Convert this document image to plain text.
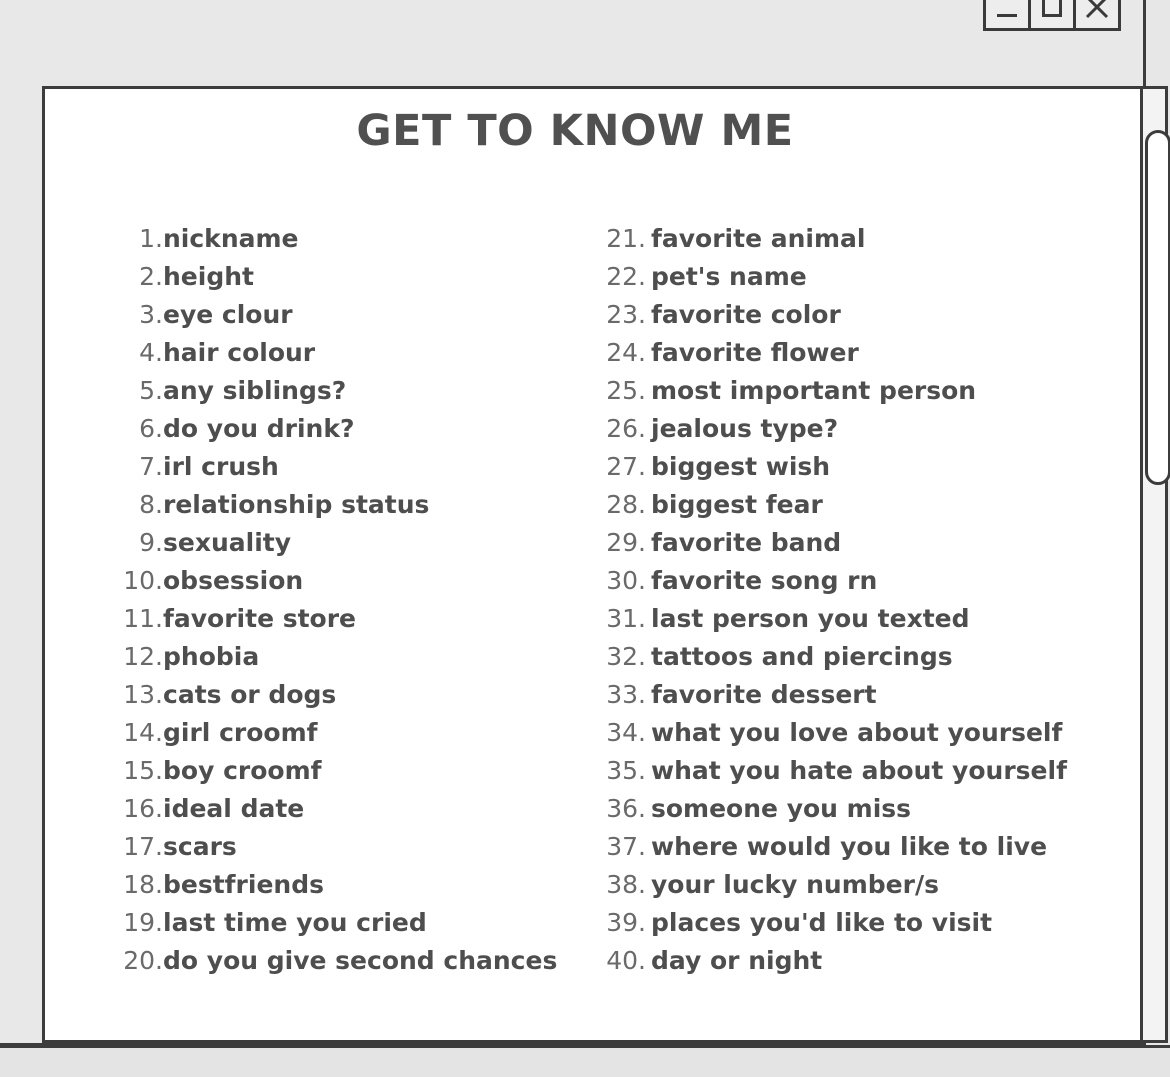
GET TO KNOW ME
1. nickname
2. height
3. eye clour
4. hair colour
5. any siblings?
6. do you drink?
7. irl crush
8. relationship status
9. sexuality
10. obsession
11. favorite store
12. phobia
13. cats or dogs
14. girl croomf
15. boy croomf
16. ideal date
17. scars
18. bestfriends
19. last time you cried
20. do you give second chances
21. favorite animal
22. pet's name
23. favorite color
24. favorite flower
25. most important person
26. jealous type?
27. biggest wish
28. biggest fear
29. favorite band
30. favorite song rn
31. last person you texted
32. tattoos and piercings
33. favorite dessert
34. what you love about yourself
35. what you hate about yourself
36. someone you miss
37. where would you like to live
38. your lucky number/s
39. places you'd like to visit
40. day or night
